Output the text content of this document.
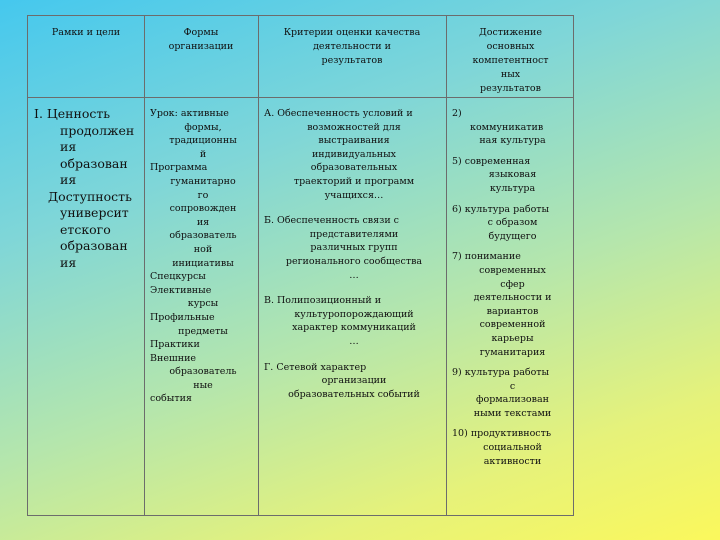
Рамки и цели	Формы
организации
Критерии оценки качества
деятельности и
результатов
Достижение
основных
компетентност
ных
результатов
I. Ценность
продолжен
ия
образован
ия
Доступность
университ
етского
образован
ия
Урок: активные
формы,
традиционны
й
Программа
гуманитарно
го
сопровожден
ия
образователь
ной
инициативы
Спецкурсы
Элективные
курсы
Профильные
предметы
Практики
Внешние
образователь
ные
события
А. Обеспеченность условий и
возможностей для
выстраивания
индивидуальных
образовательных
траекторий и программ
учащихся…
Б. Обеспеченность связи с
представителями
различных групп
регионального сообщества
…
В. Полипозиционный и
культуропорождающий
характер коммуникаций
…
Г. Сетевой характер
организации
образовательных событий
2)
коммуникатив
ная культура
5) современная
языковая
культура
6) культура работы
с образом
будущего
7) понимание
современных
сфер
деятельности и
вариантов
современной
карьеры
гуманитария
9) культура работы
с
формализован
ными текстами
10) продуктивность
социальной
активности
